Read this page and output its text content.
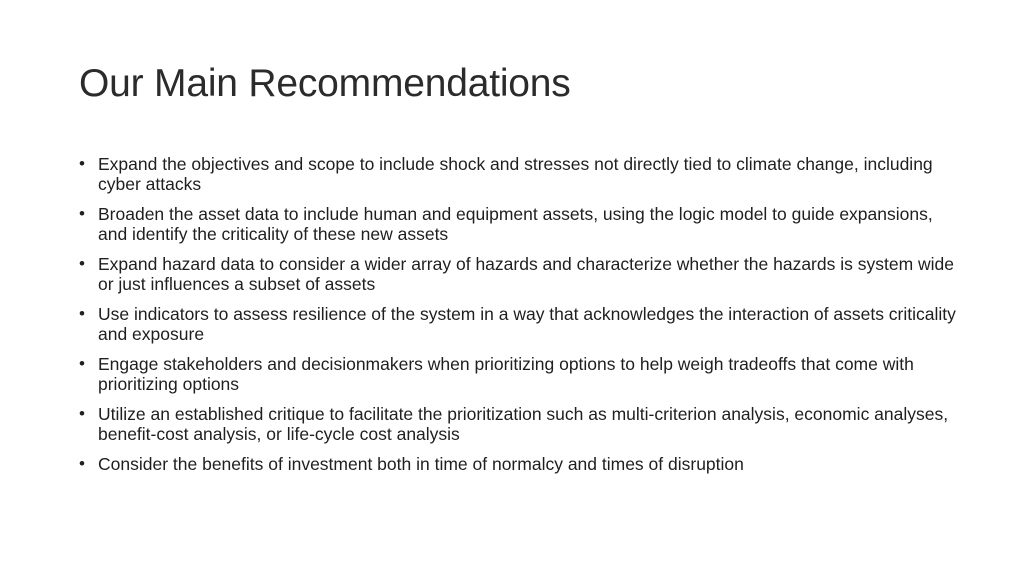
Our Main Recommendations
• Expand the objectives and scope to include shock and stresses not directly tied to climate change, including cyber attacks
• Broaden the asset data to include human and equipment assets, using the logic model to guide expansions, and identify the criticality of these new assets
• Expand hazard data to consider a wider array of hazards and characterize whether the hazards is system wide or just influences a subset of assets
• Use indicators to assess resilience of the system in a way that acknowledges the interaction of assets criticality and exposure
• Engage stakeholders and decisionmakers when prioritizing options to help weigh tradeoffs that come with prioritizing options
• Utilize an established critique to facilitate the prioritization such as multi-criterion analysis, economic analyses, benefit-cost analysis, or life-cycle cost analysis
• Consider the benefits of investment both in time of normalcy and times of disruption
